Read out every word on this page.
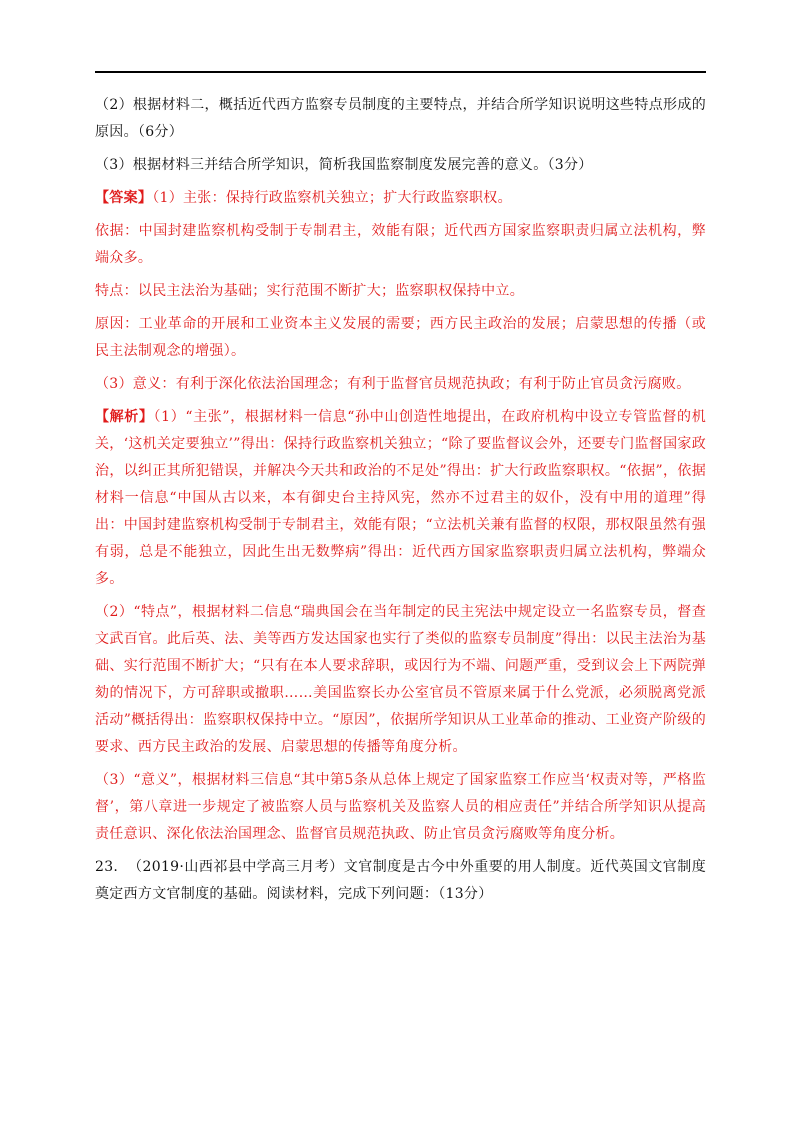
（2）根据材料二，概括近代西方监察专员制度的主要特点，并结合所学知识说明这些特点形成的原因。（6分）

（3）根据材料三并结合所学知识，简析我国监察制度发展完善的意义。（3分）

【答案】（1）主张：保持行政监察机关独立；扩大行政监察职权。

依据：中国封建监察机构受制于专制君主，效能有限；近代西方国家监察职责归属立法机构，弊端众多。

特点：以民主法治为基础；实行范围不断扩大；监察职权保持中立。

原因：工业革命的开展和工业资本主义发展的需要；西方民主政治的发展；启蒙思想的传播（或民主法制观念的增强）。

（3）意义：有利于深化依法治国理念；有利于监督官员规范执政；有利于防止官员贪污腐败。

【解析】（1）“主张”，根据材料一信息“孙中山创造性地提出，在政府机构中设立专管监督的机关，‘这机关定要独立’”得出：保持行政监察机关独立；“除了要监督议会外，还要专门监督国家政治，以纠正其所犯错误，并解决今天共和政治的不足处”得出：扩大行政监察职权。“依据”，依据材料一信息“中国从古以来，本有御史台主持风宪，然亦不过君主的奴仆，没有中用的道理”得出：中国封建监察机构受制于专制君主，效能有限；“立法机关兼有监督的权限，那权限虽然有强有弱，总是不能独立，因此生出无数弊病”得出：近代西方国家监察职责归属立法机构，弊端众多。

（2）“特点”，根据材料二信息“瑞典国会在当年制定的民主宪法中规定设立一名监察专员，督查文武百官。此后英、法、美等西方发达国家也实行了类似的监察专员制度”得出：以民主法治为基础、实行范围不断扩大；“只有在本人要求辞职，或因行为不端、问题严重，受到议会上下两院弹劾的情况下，方可辞职或撤职……美国监察长办公室官员不管原来属于什么党派，必须脱离党派活动”概括得出：监察职权保持中立。“原因”，依据所学知识从工业革命的推动、工业资产阶级的要求、西方民主政治的发展、启蒙思想的传播等角度分析。

（3）“意义”，根据材料三信息“其中第5条从总体上规定了国家监察工作应当‘权责对等，严格监督’，第八章进一步规定了被监察人员与监察机关及监察人员的相应责任”并结合所学知识从提高责任意识、深化依法治国理念、监督官员规范执政、防止官员贪污腐败等角度分析。

23.  （2019·山西祁县中学高三月考）文官制度是古今中外重要的用人制度。近代英国文官制度奠定西方文官制度的基础。阅读材料，完成下列问题：（13分）
